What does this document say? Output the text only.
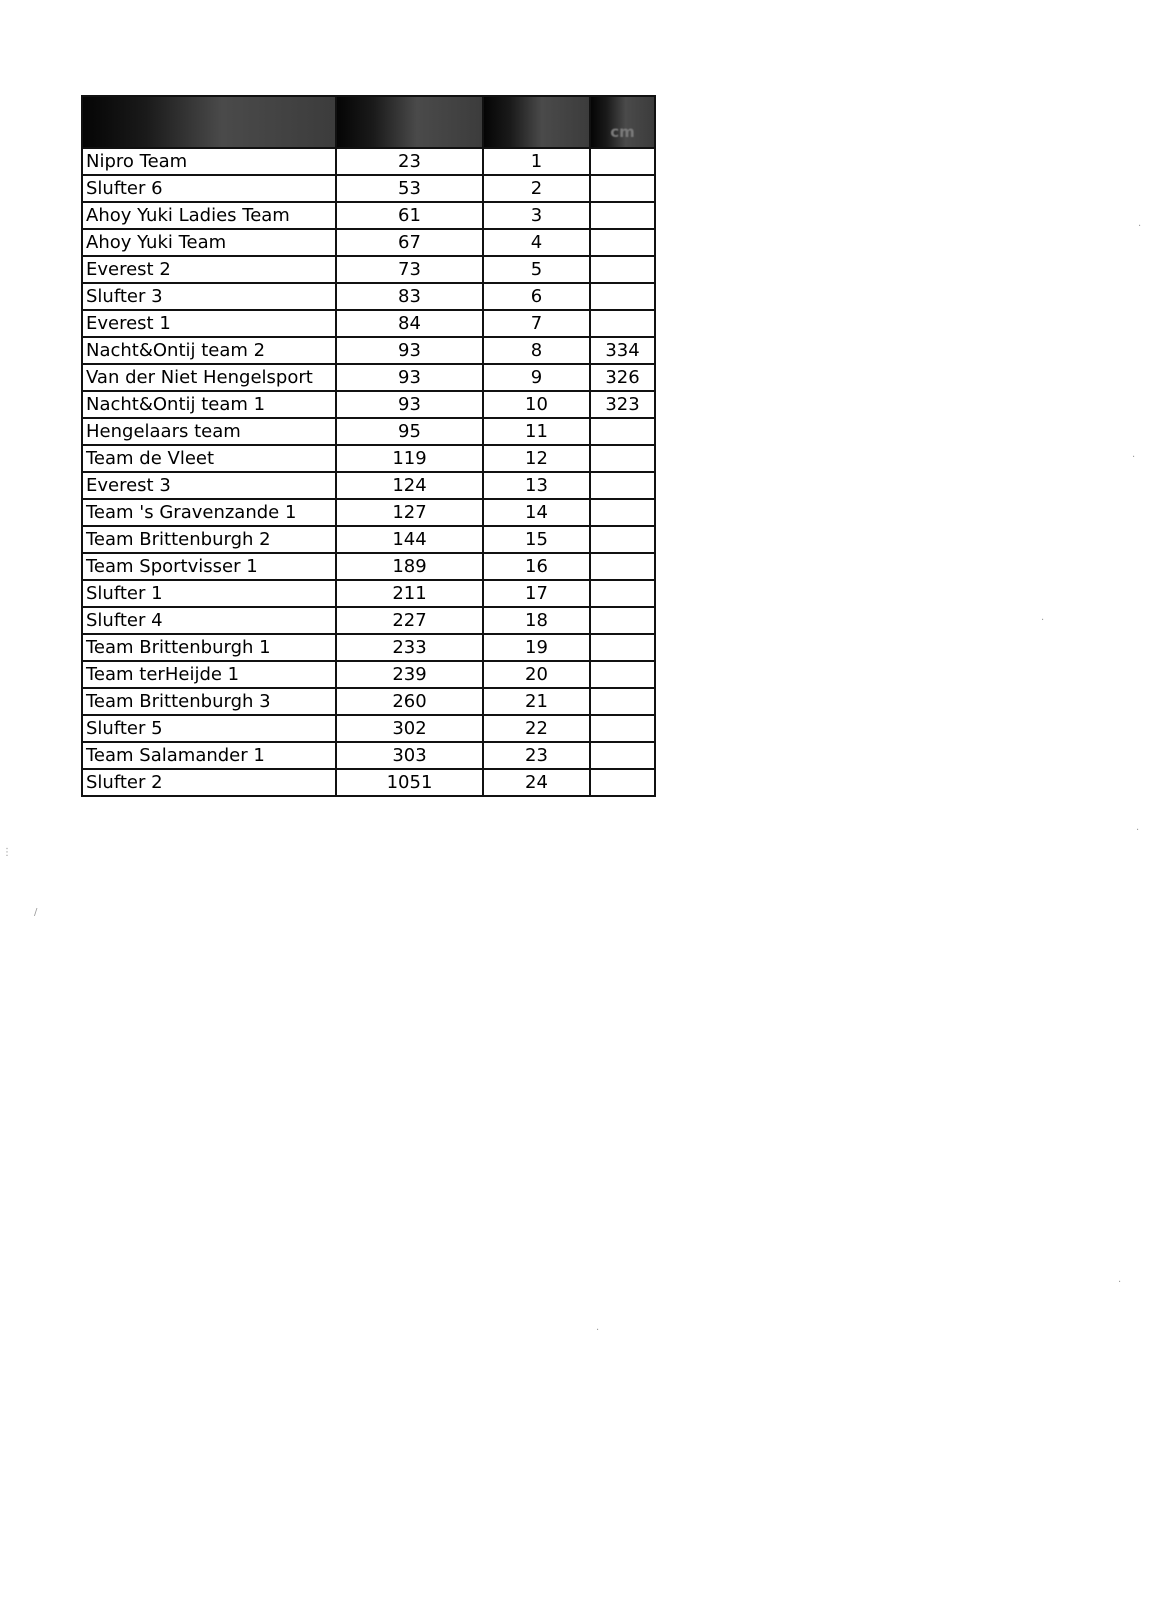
			cm
Nipro Team	23	1	
Slufter 6	53	2	
Ahoy Yuki Ladies Team	61	3	
Ahoy Yuki Team	67	4	
Everest 2	73	5	
Slufter 3	83	6	
Everest 1	84	7	
Nacht&Ontij team 2	93	8	334
Van der Niet Hengelsport	93	9	326
Nacht&Ontij team 1	93	10	323
Hengelaars team	95	11	
Team de Vleet	119	12	
Everest 3	124	13	
Team 's Gravenzande 1	127	14	
Team Brittenburgh 2	144	15	
Team Sportvisser 1	189	16	
Slufter 1	211	17	
Slufter 4	227	18	
Team Brittenburgh 1	233	19	
Team terHeijde 1	239	20	
Team Brittenburgh 3	260	21	
Slufter 5	302	22	
Team Salamander 1	303	23	
Slufter 2	1051	24	
·
·
·
·
⋮
/
·
·
